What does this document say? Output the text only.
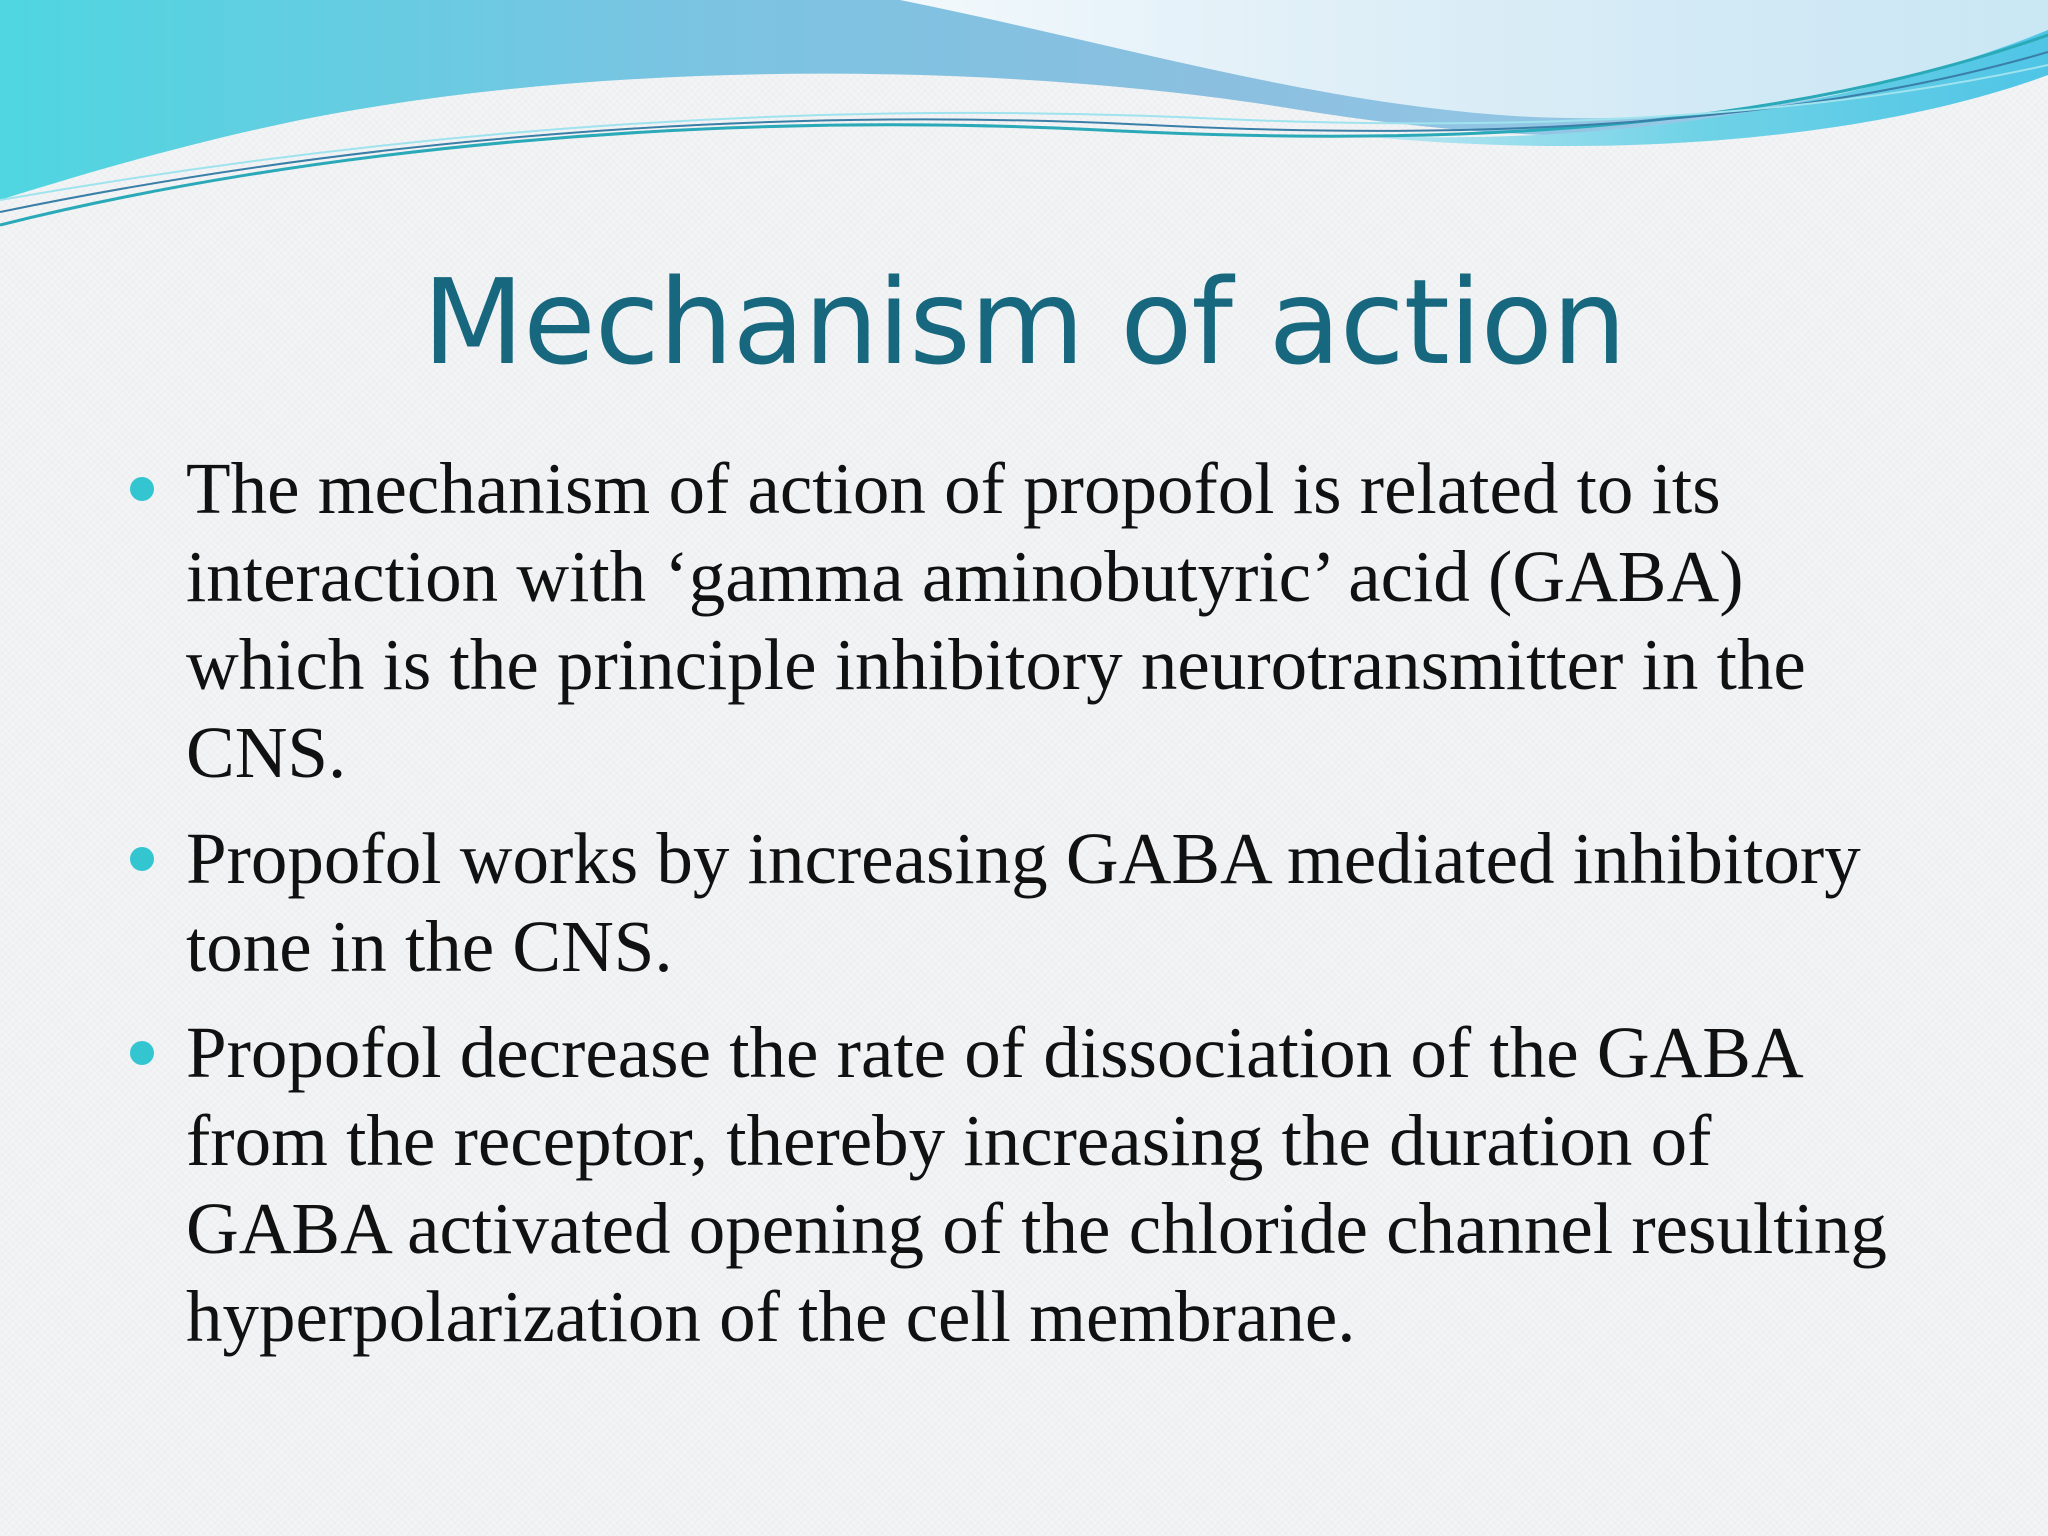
Mechanism of action
The mechanism of action of propofol is related to its interaction with ‘gamma aminobutyric’ acid (GABA) which is the principle inhibitory neurotransmitter in the CNS.
Propofol works by increasing GABA mediated inhibitory tone in the CNS.
Propofol decrease the rate of dissociation of the GABA from the receptor, thereby increasing the duration of GABA activated opening of the chloride channel resulting hyperpolarization of the cell membrane.
